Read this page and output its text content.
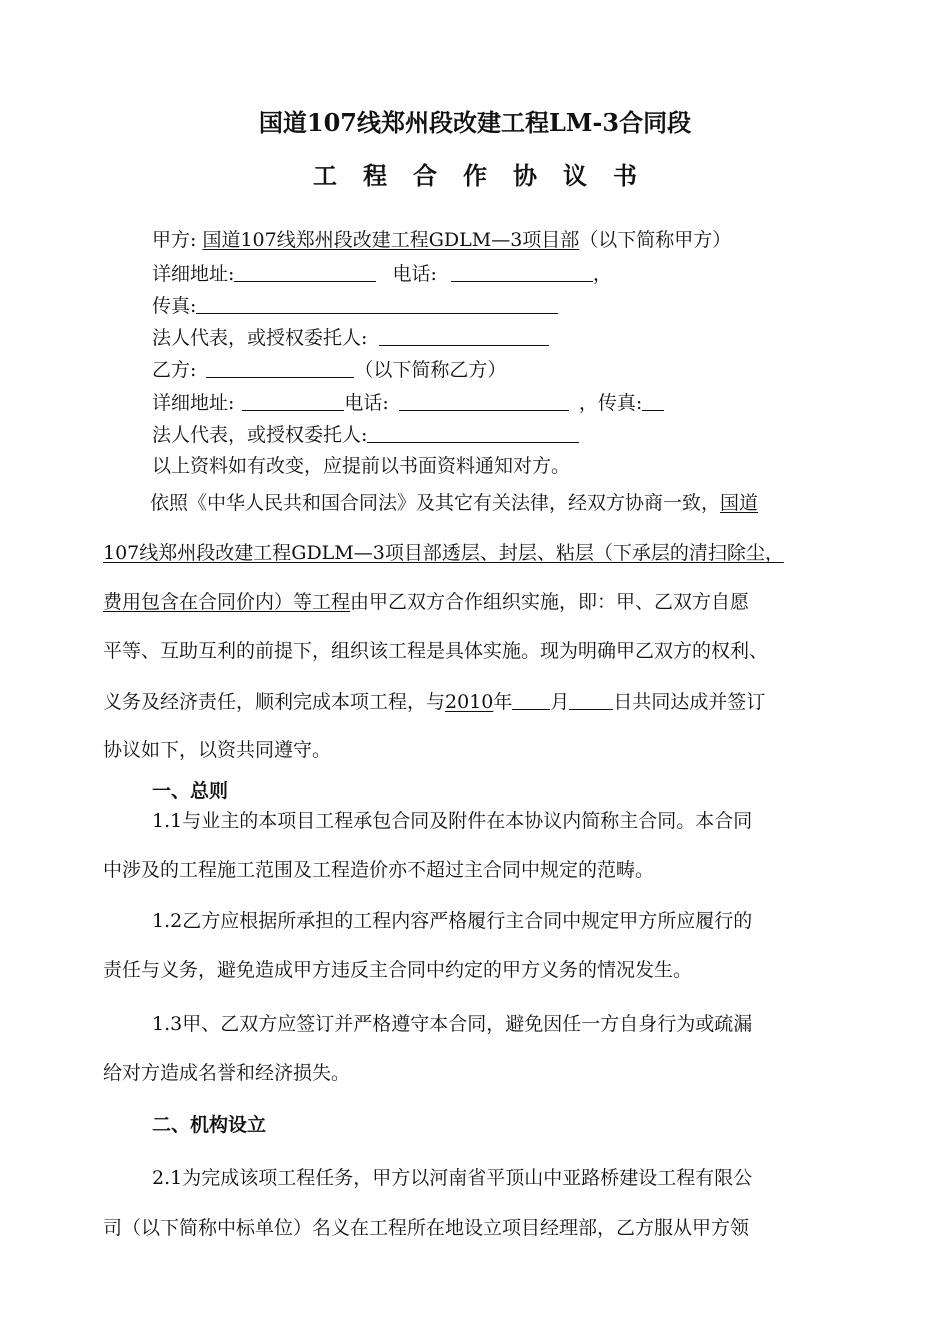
国道107线郑州段改建工程LM-3合同段
工程合作协议书
甲方: 国道107线郑州段改建工程GDLM—3项目部（以下简称甲方）
详细地址:	电话:	，
传真:
法人代表，或授权委托人:
乙方:	（以下简称乙方）
详细地址:	电话:	，传真:
法人代表，或授权委托人:
以上资料如有改变，应提前以书面资料通知对方。
依照《中华人民共和国合同法》及其它有关法律，经双方协商一致，国道
107线郑州段改建工程GDLM—3项目部透层、封层、粘层（下承层的清扫除尘，
费用包含在合同价内）等工程由甲乙双方合作组织实施，即：甲、乙双方自愿
平等、互助互利的前提下，组织该工程是具体实施。现为明确甲乙双方的权利、
义务及经济责任，顺利完成本项工程，与2010年 月 日共同达成并签订
协议如下，以资共同遵守。
一、总则
1.1与业主的本项目工程承包合同及附件在本协议内简称主合同。本合同
中涉及的工程施工范围及工程造价亦不超过主合同中规定的范畴。
1.2乙方应根据所承担的工程内容严格履行主合同中规定甲方所应履行的
责任与义务，避免造成甲方违反主合同中约定的甲方义务的情况发生。
1.3甲、乙双方应签订并严格遵守本合同，避免因任一方自身行为或疏漏
给对方造成名誉和经济损失。
二、机构设立
2.1为完成该项工程任务，甲方以河南省平顶山中亚路桥建设工程有限公
司（以下简称中标单位）名义在工程所在地设立项目经理部，乙方服从甲方领
